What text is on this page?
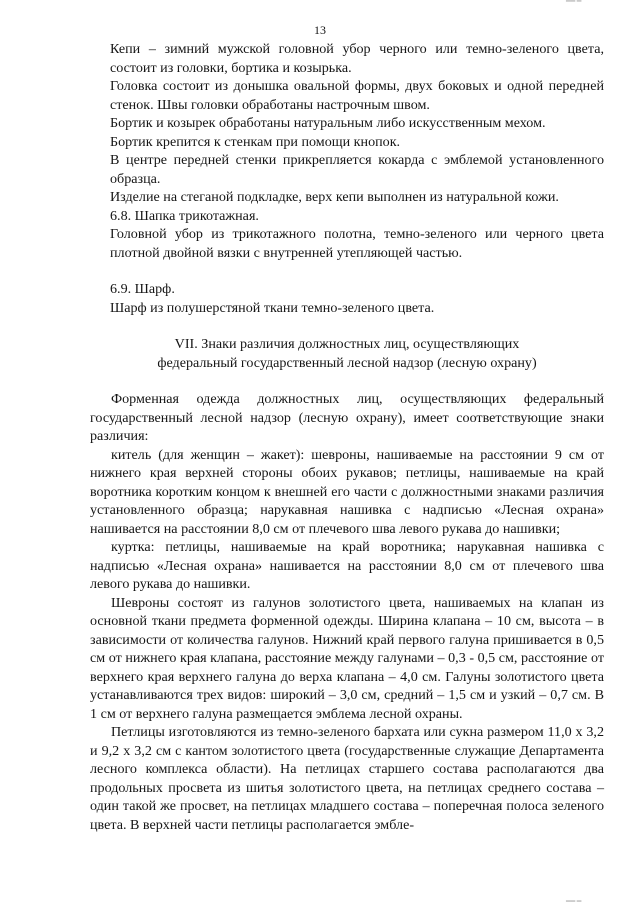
▔▔ ▔
13

Кепи – зимний мужской головной убор черного или темно-зеленого цвета, состоит из головки, бортика и козырька.

Головка состоит из донышка овальной формы, двух боковых и одной передней стенок. Швы головки обработаны настрочным швом.

Бортик и козырек обработаны натуральным либо искусственным мехом.

Бортик крепится к стенкам при помощи кнопок.

В центре передней стенки прикрепляется кокарда с эмблемой установленного образца.

Изделие на стеганой подкладке, верх кепи выполнен из натуральной кожи.

6.8. Шапка трикотажная.

Головной убор из трикотажного полотна, темно-зеленого или черного цвета плотной двойной вязки с внутренней утепляющей частью.

6.9. Шарф.

Шарф из полушерстяной ткани темно-зеленого цвета.

VII. Знаки различия должностных лиц, осуществляющих

федеральный государственный лесной надзор (лесную охрану)

Форменная одежда должностных лиц, осуществляющих федеральный государственный лесной надзор (лесную охрану), имеет соответствующие знаки различия:

китель (для женщин – жакет): шевроны, нашиваемые на расстоянии 9 см от нижнего края верхней стороны обоих рукавов; петлицы, нашиваемые на край воротника коротким концом к внешней его части с должностными знаками различия установленного образца; нарукавная нашивка с надписью «Лесная охрана» нашивается на расстоянии 8,0 см от плечевого шва левого рукава до нашивки;

куртка: петлицы, нашиваемые на край воротника; нарукавная нашивка с надписью «Лесная охрана» нашивается на расстоянии 8,0 см от плечевого шва левого рукава до нашивки.

Шевроны состоят из галунов золотистого цвета, нашиваемых на клапан из основной ткани предмета форменной одежды. Ширина клапана – 10 см, высота – в зависимости от количества галунов. Нижний край первого галуна пришивается в 0,5 см от нижнего края клапана, расстояние между галунами – 0,3 - 0,5 см, расстояние от верхнего края верхнего галуна до верха клапана – 4,0 см. Галуны золотистого цвета устанавливаются трех видов: широкий – 3,0 см, средний – 1,5 см и узкий – 0,7 см. В 1 см от верхнего галуна размещается эмблема лесной охраны.

Петлицы изготовляются из темно-зеленого бархата или сукна размером 11,0 х 3,2 и 9,2 х 3,2 см с кантом золотистого цвета (государственные служащие Департамента лесного комплекса области). На петлицах старшего состава располагаются два продольных просвета из шитья золотистого цвета, на петлицах среднего состава – один такой же просвет, на петлицах младшего состава – поперечная полоса зеленого цвета. В верхней части петлицы располагается эмбле-

▁▁ ▁
